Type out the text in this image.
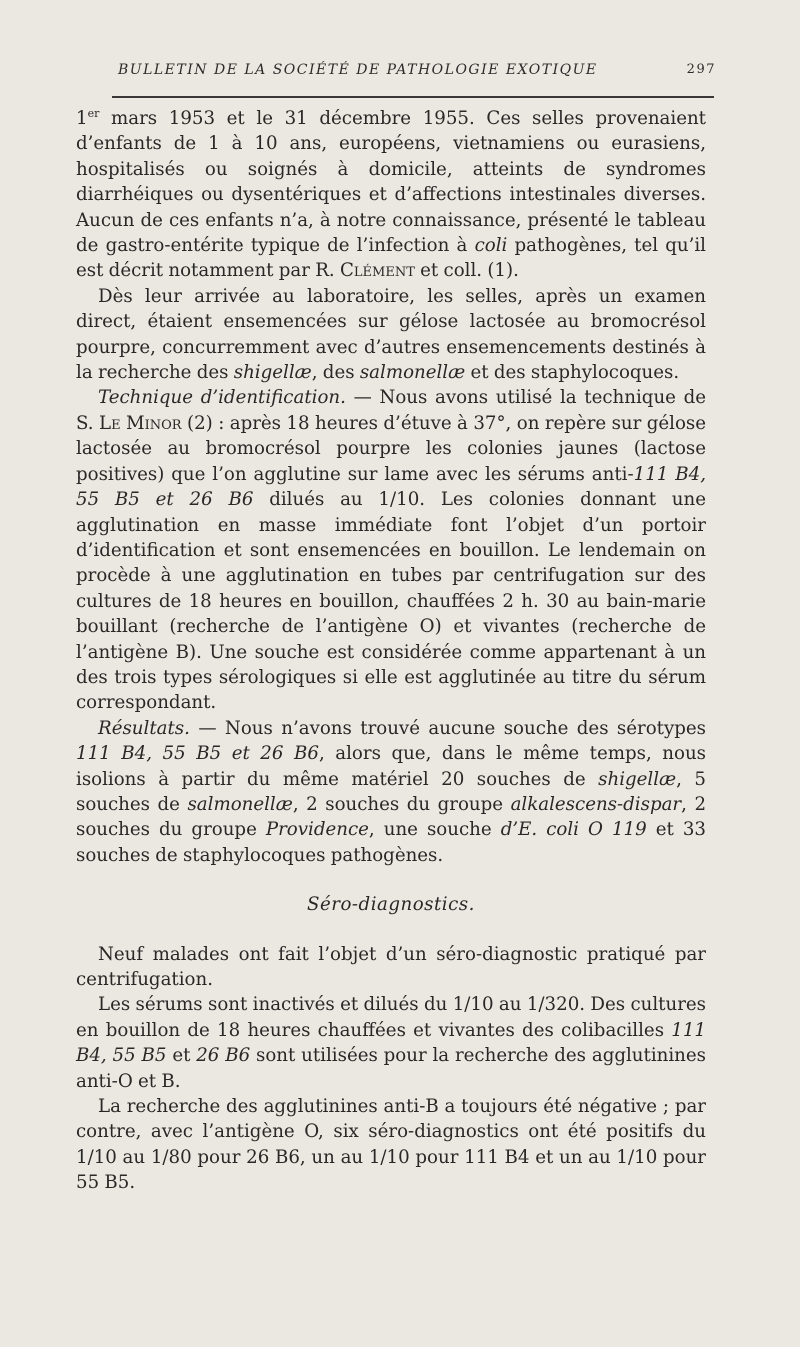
BULLETIN DE LA SOCIÉTÉ DE PATHOLOGIE EXOTIQUE	297

1er mars 1953 et le 31 décembre 1955. Ces selles provenaient d’enfants de 1 à 10 ans, européens, vietnamiens ou eurasiens, hospitalisés ou soignés à domicile, atteints de syndromes diarrhéiques ou dysentériques et d’affections intestinales diverses. Aucun de ces enfants n’a, à notre connaissance, présenté le tableau de gastro-entérite typique de l’infection à coli pathogènes, tel qu’il est décrit notamment par R. Clément et coll. (1).

Dès leur arrivée au laboratoire, les selles, après un examen direct, étaient ensemencées sur gélose lactosée au bromocrésol pourpre, concurremment avec d’autres ensemencements destinés à la recherche des shigellæ, des salmonellæ et des staphylocoques.

Technique d’identification. — Nous avons utilisé la technique de S. Le Minor (2) : après 18 heures d’étuve à 37°, on repère sur gélose lactosée au bromocrésol pourpre les colonies jaunes (lactose positives) que l’on agglutine sur lame avec les sérums anti-111 B4, 55 B5 et 26 B6 dilués au 1/10. Les colonies donnant une agglutination en masse immédiate font l’objet d’un portoir d’identification et sont ensemencées en bouillon. Le lendemain on procède à une agglutination en tubes par centrifugation sur des cultures de 18 heures en bouillon, chauffées 2 h. 30 au bain-marie bouillant (recherche de l’antigène O) et vivantes (recherche de l’antigène B). Une souche est considérée comme appartenant à un des trois types sérologiques si elle est agglutinée au titre du sérum correspondant.

Résultats. — Nous n’avons trouvé aucune souche des sérotypes 111 B4, 55 B5 et 26 B6, alors que, dans le même temps, nous isolions à partir du même matériel 20 souches de shigellæ, 5 souches de salmonellæ, 2 souches du groupe alkalescens-dispar, 2 souches du groupe Providence, une souche d’E. coli O 119 et 33 souches de staphylocoques pathogènes.

Séro-diagnostics.

Neuf malades ont fait l’objet d’un séro-diagnostic pratiqué par centrifugation.

Les sérums sont inactivés et dilués du 1/10 au 1/320. Des cultures en bouillon de 18 heures chauffées et vivantes des colibacilles 111 B4, 55 B5 et 26 B6 sont utilisées pour la recherche des agglutinines anti-O et B.

La recherche des agglutinines anti-B a toujours été négative ; par contre, avec l’antigène O, six séro-diagnostics ont été positifs du 1/10 au 1/80 pour 26 B6, un au 1/10 pour 111 B4 et un au 1/10 pour 55 B5.
